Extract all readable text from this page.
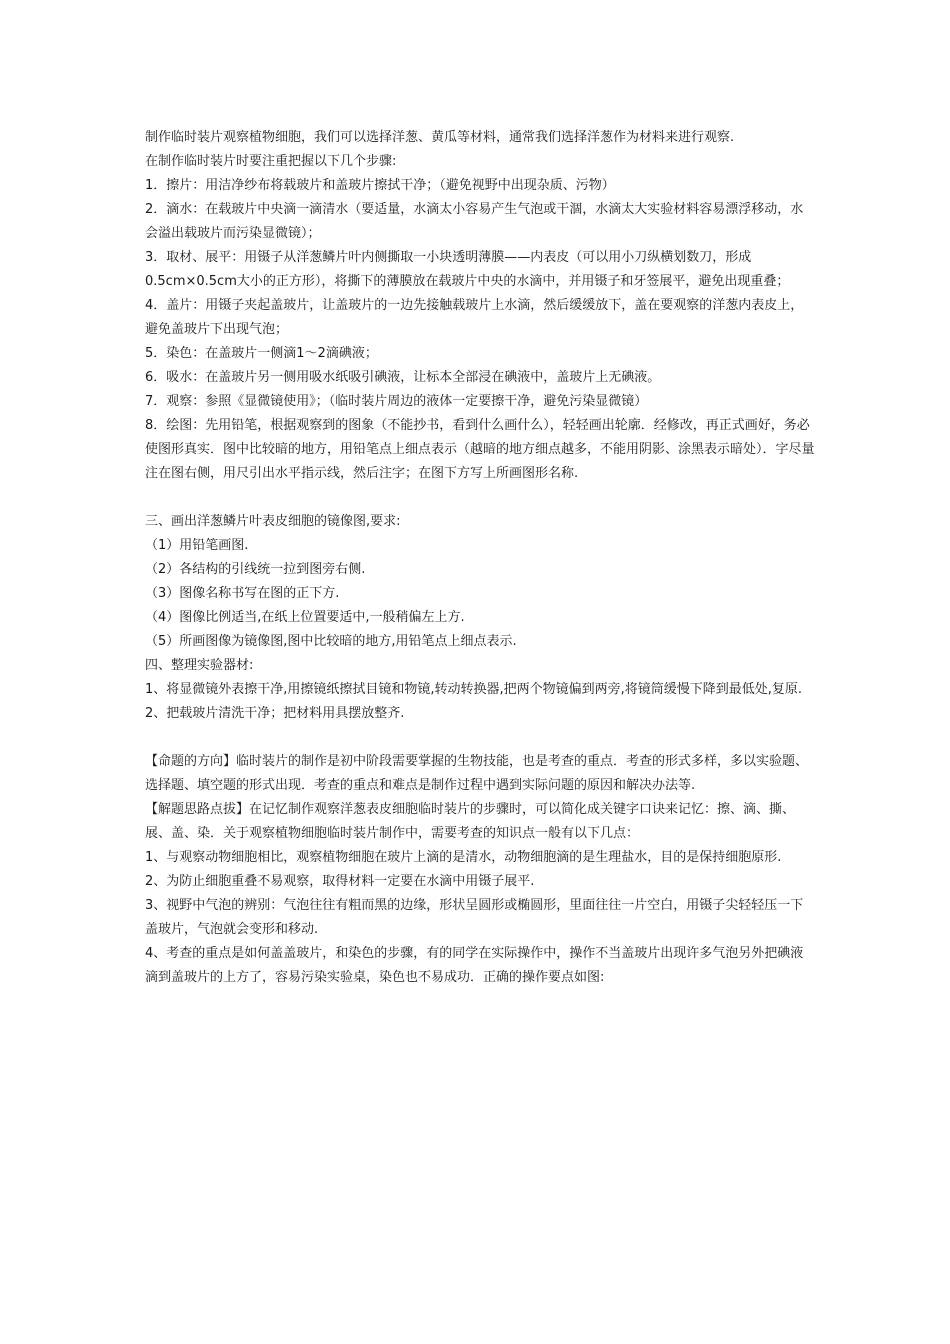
制作临时装片观察植物细胞，我们可以选择洋葱、黄瓜等材料，通常我们选择洋葱作为材料来进行观察.

在制作临时装片时要注重把握以下几个步骤:

1．擦片：用洁净纱布将载玻片和盖玻片擦拭干净；（避免视野中出现杂质、污物）

2．滴水：在载玻片中央滴一滴清水（要适量，水滴太小容易产生气泡或干涸，水滴太大实验材料容易漂浮移动，水会溢出载玻片而污染显微镜）；

3．取材、展平：用镊子从洋葱鳞片叶内侧撕取一小块透明薄膜——内表皮（可以用小刀纵横划数刀，形成0.5cm×0.5cm大小的正方形），将撕下的薄膜放在载玻片中央的水滴中，并用镊子和牙签展平，避免出现重叠；

4．盖片：用镊子夹起盖玻片，让盖玻片的一边先接触载玻片上水滴，然后缓缓放下，盖在要观察的洋葱内表皮上，避免盖玻片下出现气泡；

5．染色：在盖玻片一侧滴1～2滴碘液；

6．吸水：在盖玻片另一侧用吸水纸吸引碘液，让标本全部浸在碘液中，盖玻片上无碘液。

7．观察：参照《显微镜使用》；（临时装片周边的液体一定要擦干净，避免污染显微镜）

8．绘图：先用铅笔，根据观察到的图象（不能抄书，看到什么画什么），轻轻画出轮廓．经修改，再正式画好，务必使图形真实．图中比较暗的地方，用铅笔点上细点表示（越暗的地方细点越多，不能用阴影、涂黑表示暗处）．字尽量注在图右侧，用尺引出水平指示线，然后注字；在图下方写上所画图形名称.

三、画出洋葱鳞片叶表皮细胞的镜像图,要求:

（1）用铅笔画图.

（2）各结构的引线统一拉到图旁右侧.

（3）图像名称书写在图的正下方.

（4）图像比例适当,在纸上位置要适中,一般稍偏左上方.

（5）所画图像为镜像图,图中比较暗的地方,用铅笔点上细点表示.

四、整理实验器材:

1、将显微镜外表擦干净,用擦镜纸擦拭目镜和物镜,转动转换器,把两个物镜偏到两旁,将镜筒缓慢下降到最低处,复原.

2、把载玻片清洗干净；把材料用具摆放整齐.

【命题的方向】临时装片的制作是初中阶段需要掌握的生物技能，也是考查的重点．考查的形式多样，多以实验题、选择题、填空题的形式出现．考查的重点和难点是制作过程中遇到实际问题的原因和解决办法等.

【解题思路点拔】在记忆制作观察洋葱表皮细胞临时装片的步骤时，可以简化成关键字口诀来记忆：擦、滴、撕、展、盖、染．关于观察植物细胞临时装片制作中，需要考查的知识点一般有以下几点：

1、与观察动物细胞相比，观察植物细胞在玻片上滴的是清水，动物细胞滴的是生理盐水，目的是保持细胞原形.

2、为防止细胞重叠不易观察，取得材料一定要在水滴中用镊子展平.

3、视野中气泡的辨别：气泡往往有粗而黑的边缘，形状呈圆形或椭圆形，里面往往一片空白，用镊子尖轻轻压一下盖玻片，气泡就会变形和移动.

4、考查的重点是如何盖盖玻片，和染色的步骤，有的同学在实际操作中，操作不当盖玻片出现许多气泡另外把碘液滴到盖玻片的上方了，容易污染实验桌，染色也不易成功．正确的操作要点如图:
